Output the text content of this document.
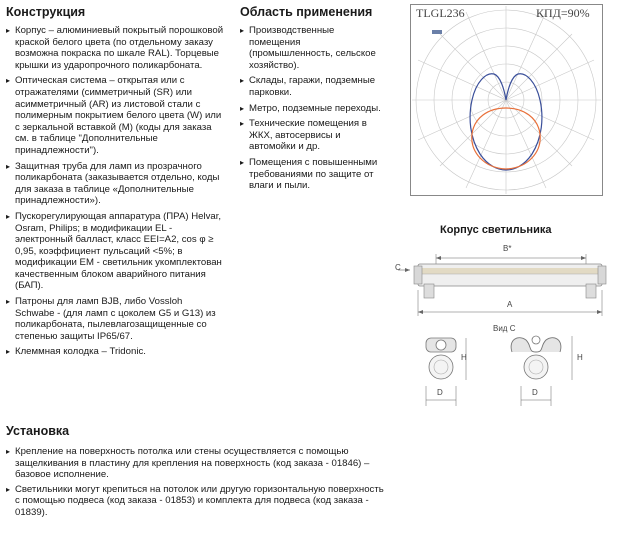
Конструкция	Область применения
Установка
Корпус светильника
▸ Корпус – алюминиевый покрытый порошковой краской белого цвета (по отдельному заказу возможна покраска по шкале RAL). Торцевые крышки из ударопрочного поликарбоната.
▸ Оптическая система – открытая или с отражателями (симметричный (SR) или асимметричный (AR) из листовой стали с полимерным покрытием белого цвета (W) или с зеркальной вставкой (M) (коды для заказа см. в таблице "Дополнительные принадлежности").
▸ Защитная труба для ламп из прозрачного поликарбоната (заказывается отдельно, коды для заказа в таблице «Дополнительные принадлежности»).
▸ Пускорегулирующая аппаратура (ПРА) Helvar, Osram, Philips; в модификации EL - электронный балласт, класс EEI=A2, cos φ ≥ 0,95, коэффициент пульсаций <5%; в модификации EM - светильник укомплектован качественным блоком аварийного питания (БАП).
▸ Патроны для ламп BJB, либо Vossloh Schwabe - (для ламп с цоколем G5 и G13) из поликарбоната, пылевлагозащищенные со степенью защиты IP65/67.
▸ Клеммная колодка – Tridonic.
▸ Производственные помещения (промышленность, сельское хозяйство).
▸ Склады, гаражи, подземные парковки.
▸ Метро, подземные переходы.
▸ Технические помещения в ЖКХ, автосервисы и автомойки и др.
▸ Помещения с повышенными требованиями по защите от влаги и пыли.
▸ Крепление на поверхность потолка или стены осуществляется с помощью защелкивания в пластину для крепления на поверхность (код заказа - 01846) – базовое исполнение.
▸ Светильники могут крепиться на потолок или другую горизонтальную поверхность с помощью подвеса (код заказа - 01853) и комплекта для подвеса (код заказа - 01839).
TLGL236	КПД=90%
B*
C
A
Вид С
H	H
D	D
